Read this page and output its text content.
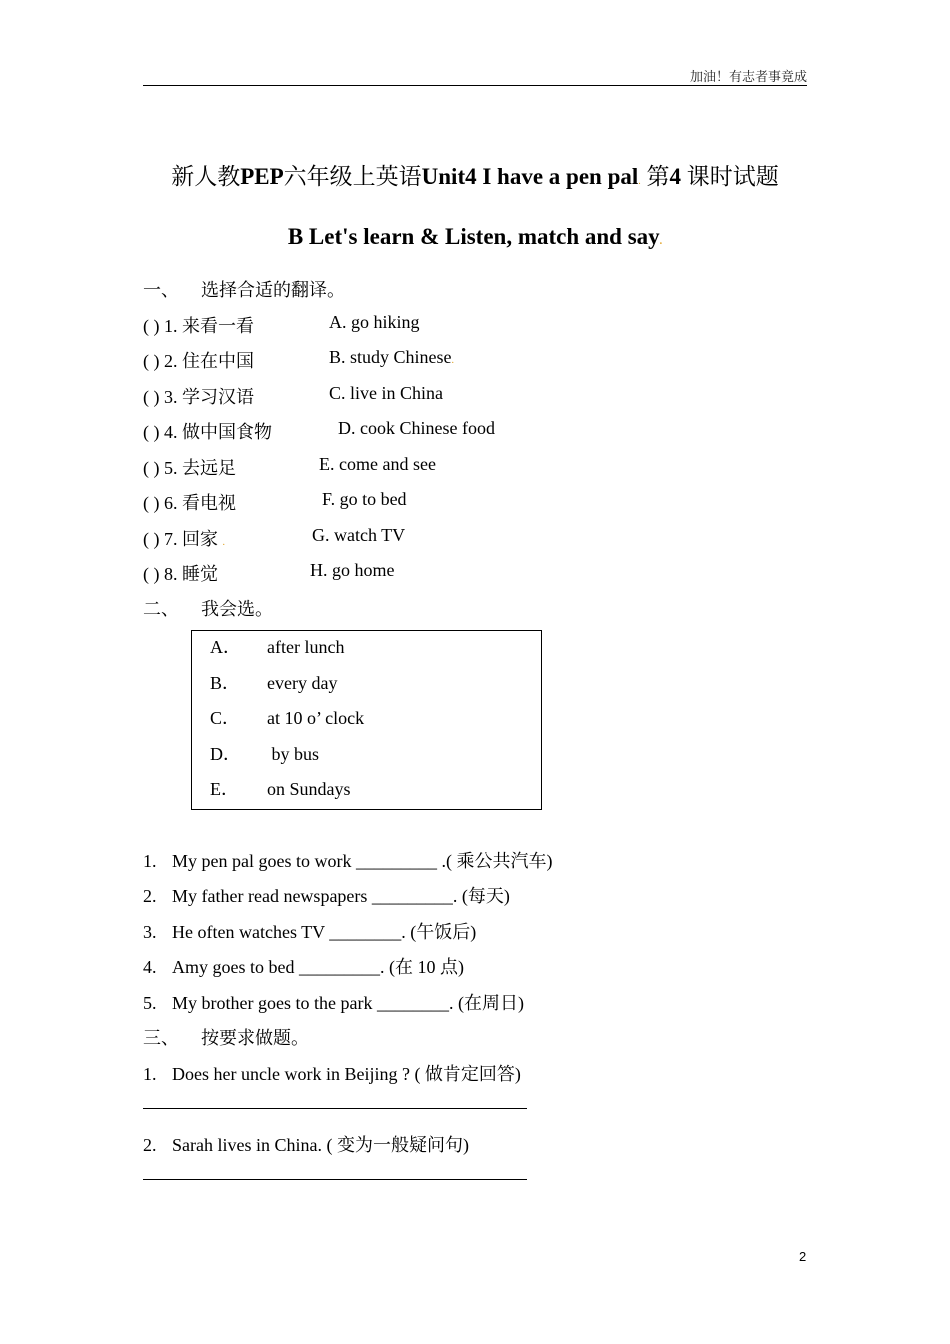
加油！有志者事竟成
新人教PEP六年级上英语Unit4 I have a pen pal. 第4 课时试题
B Let's learn & Listen, match and say.
一、 选择合适的翻译。
( ) 1. 来看一看	A. go hiking
( ) 2. 住在中国	B. study Chinese.
( ) 3. 学习汉语	C. live in China
( ) 4. 做中国食物	D. cook Chinese food
( ) 5. 去远足	E. come and see
( ) 6. 看电视	F. go to bed
( ) 7. 回家 .	G. watch TV
( ) 8. 睡觉	H. go home
二、 我会选。
A． after lunch
B． every day
C． at 10 o’ clock
D． by bus
E． on Sundays
1. My pen pal goes to work _________ .( 乘公共汽车)
2. My father read newspapers _________. (每天)
3. He often watches TV ________. (午饭后)
4. Amy goes to bed _________. (在 10 点)
5. My brother goes to the park ________. (在周日)
三、 按要求做题。
1. Does her uncle work in Beijing ? ( 做肯定回答)
2. Sarah lives in China. ( 变为一般疑问句)
2
